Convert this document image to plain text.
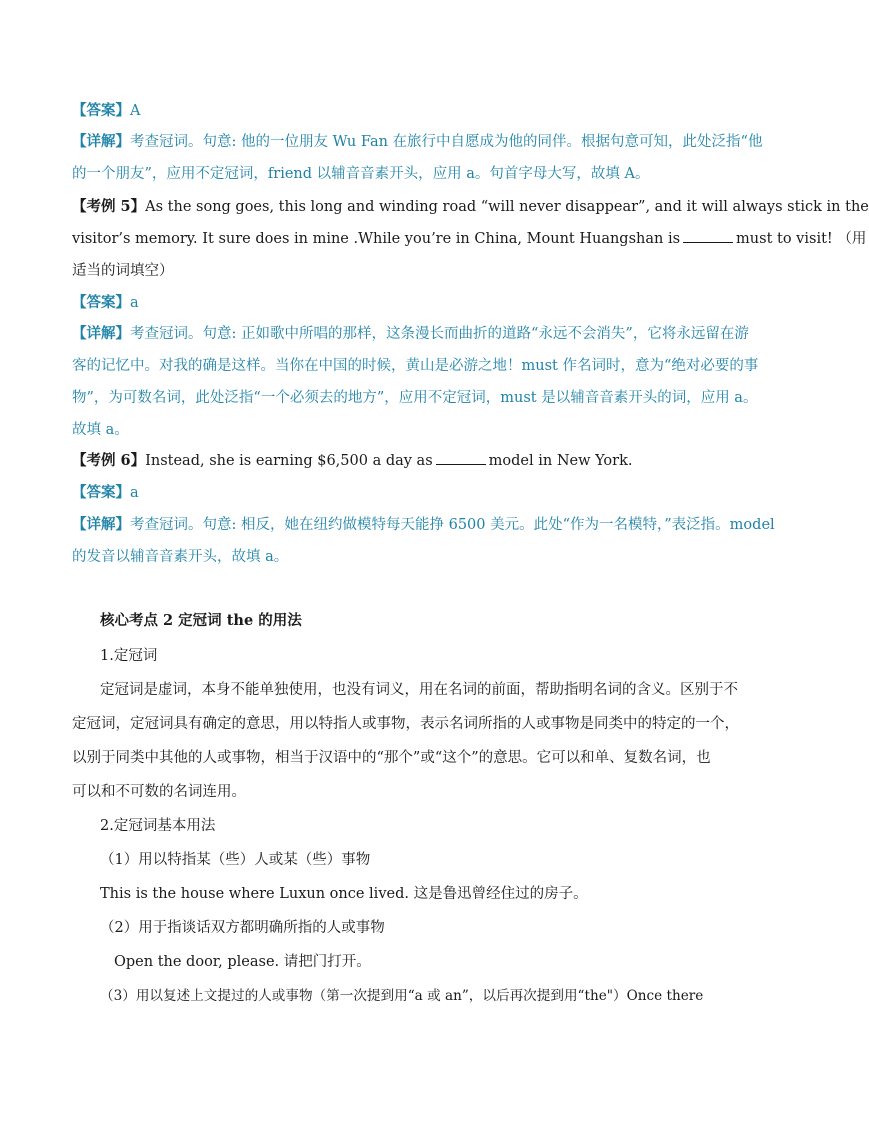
【答案】A
【详解】考查冠词。句意: 他的一位朋友 Wu Fan 在旅行中自愿成为他的同伴。根据句意可知，此处泛指“他
的一个朋友”，应用不定冠词，friend 以辅音音素开头，应用 a。句首字母大写，故填 A。
【考例 5】As the song goes, this long and winding road “will never disappear”, and it will always stick in the
visitor’s memory. It sure does in mine .While you’re in China, Mount Huangshan is	must to visit! （用
适当的词填空）
【答案】a
【详解】考查冠词。句意: 正如歌中所唱的那样，这条漫长而曲折的道路“永远不会消失”，它将永远留在游
客的记忆中。对我的确是这样。当你在中国的时候，黄山是必游之地！must 作名词时，意为“绝对必要的事
物”，为可数名词，此处泛指“一个必须去的地方”，应用不定冠词，must 是以辅音音素开头的词，应用 a。
故填 a。
【考例 6】Instead, she is earning $6,500 a day as	model in New York.
【答案】a
【详解】考查冠词。句意: 相反，她在纽约做模特每天能挣 6500 美元。此处“作为一名模特，”表泛指。model
的发音以辅音音素开头，故填 a。
核心考点 2 定冠词 the 的用法
1.定冠词
定冠词是虚词，本身不能单独使用，也没有词义，用在名词的前面，帮助指明名词的含义。区别于不
定冠词，定冠词具有确定的意思，用以特指人或事物，表示名词所指的人或事物是同类中的特定的一个，
以别于同类中其他的人或事物，相当于汉语中的“那个”或“这个”的意思。它可以和单、复数名词，也
可以和不可数的名词连用。
2.定冠词基本用法
（1）用以特指某（些）人或某（些）事物
This is the house where Luxun once lived. 这是鲁迅曾经住过的房子。
（2）用于指谈话双方都明确所指的人或事物
Open the door, please. 请把门打开。
（3）用以复述上文提过的人或事物（第一次提到用“a 或 an”，以后再次提到用“the"）Once there
